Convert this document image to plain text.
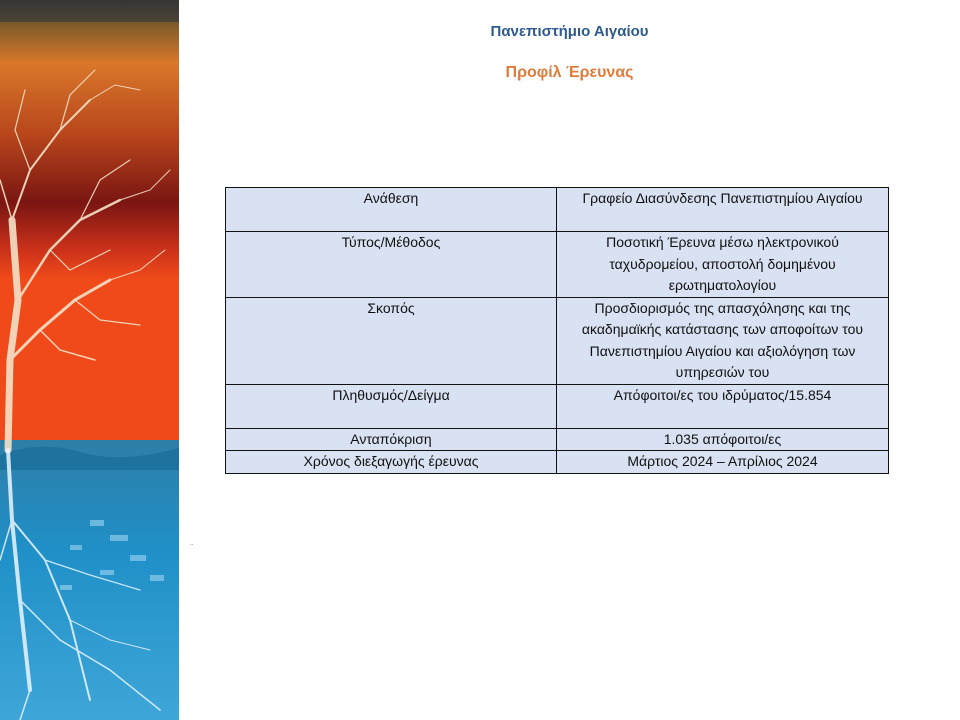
Πανεπιστήμιο Αιγαίου
Προφίλ Έρευνας
Ανάθεση	Γραφείο Διασύνδεσης Πανεπιστημίου Αιγαίου
Τύπος/Μέθοδος	Ποσοτική Έρευνα μέσω ηλεκτρονικού ταχυδρομείου, αποστολή δομημένου ερωτηματολογίου
Σκοπός	Προσδιορισμός της απασχόλησης και της ακαδημαϊκής κατάστασης των αποφοίτων του Πανεπιστημίου Αιγαίου και αξιολόγηση των υπηρεσιών του
Πληθυσμός/Δείγμα	Απόφοιτοι/ες του ιδρύματος/15.854
Ανταπόκριση	1.035 απόφοιτοι/ες
Χρόνος διεξαγωγής έρευνας	Μάρτιος 2024 – Απρίλιος 2024
..
